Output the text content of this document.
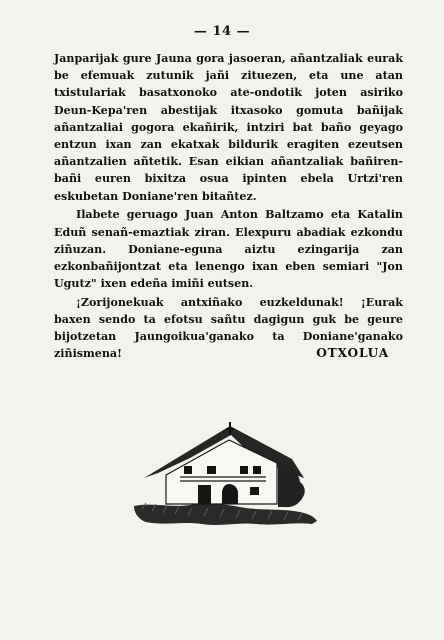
— 14 —

Janparijak gure Jauna gora jasoeran, añantzaliak eurak be efemuak zutunik jañi zituezen, eta une atan txistulariak basatxonoko ate-ondotik joten asiriko Deun-Kepa'ren abestijak itxasoko gomuta bañijak añantzaliai gogora ekañirik, intziri bat baño geyago entzun ixan zan ekatxak bildurik eragiten ezeutsen añantzalien añtetik. Esan eikian añantzaliak bañiren-bañi euren bixitza osua ipinten ebela Urtzi'ren eskubetan Doniane'ren bitañtez.

Ilabete geruago Juan Anton Baltzamo eta Katalin Eduñ senañ-emaztiak ziran. Elexpuru abadiak ezkondu ziñuzan. Doniane-eguna aiztu ezingarija zan ezkonbañijontzat eta lenengo ixan eben semiari "Jon Ugutz" ixen edeña imiñi eutsen.

¡Zorijonekuak antxiñako euzkeldunak! ¡Eurak baxen sendo ta efotsu sañtu dagigun guk be geure bijotzetan Jaungoikua'ganako ta Doniane'ganako ziñismena!	OTXOLUA
